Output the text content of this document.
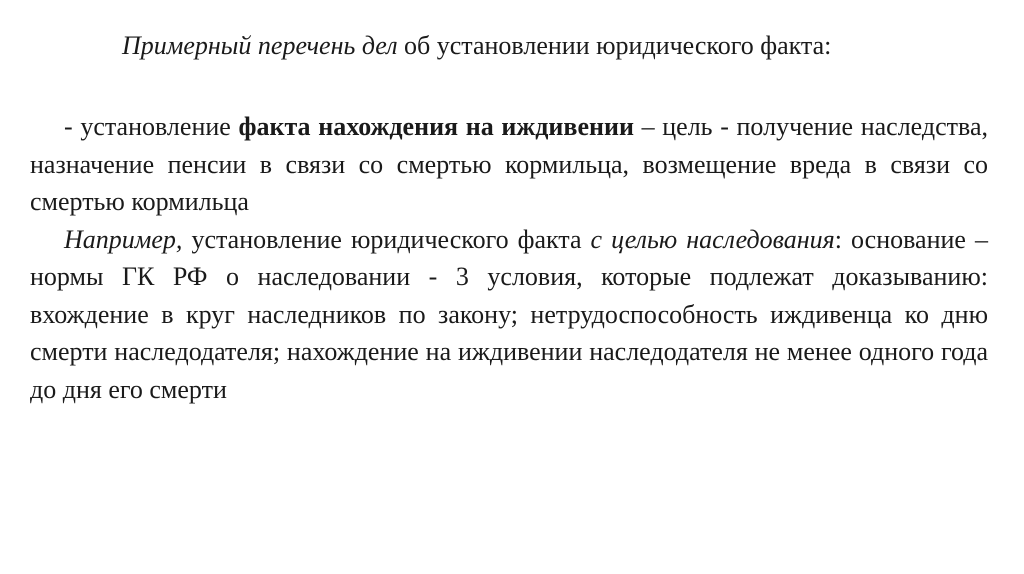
Примерный перечень дел об установлении юридического факта:

- установление факта нахождения на иждивении – цель - получение наследства, назначение пенсии в связи со смертью кормильца, возмещение вреда в связи со смертью кормильца

Например, установление юридического факта с целью наследования: основание – нормы ГК РФ о наследовании - 3 условия, которые подлежат доказыванию: вхождение в круг наследников по закону; нетрудоспособность иждивенца ко дню смерти наследодателя; нахождение на иждивении наследодателя не менее одного года до дня его смерти
